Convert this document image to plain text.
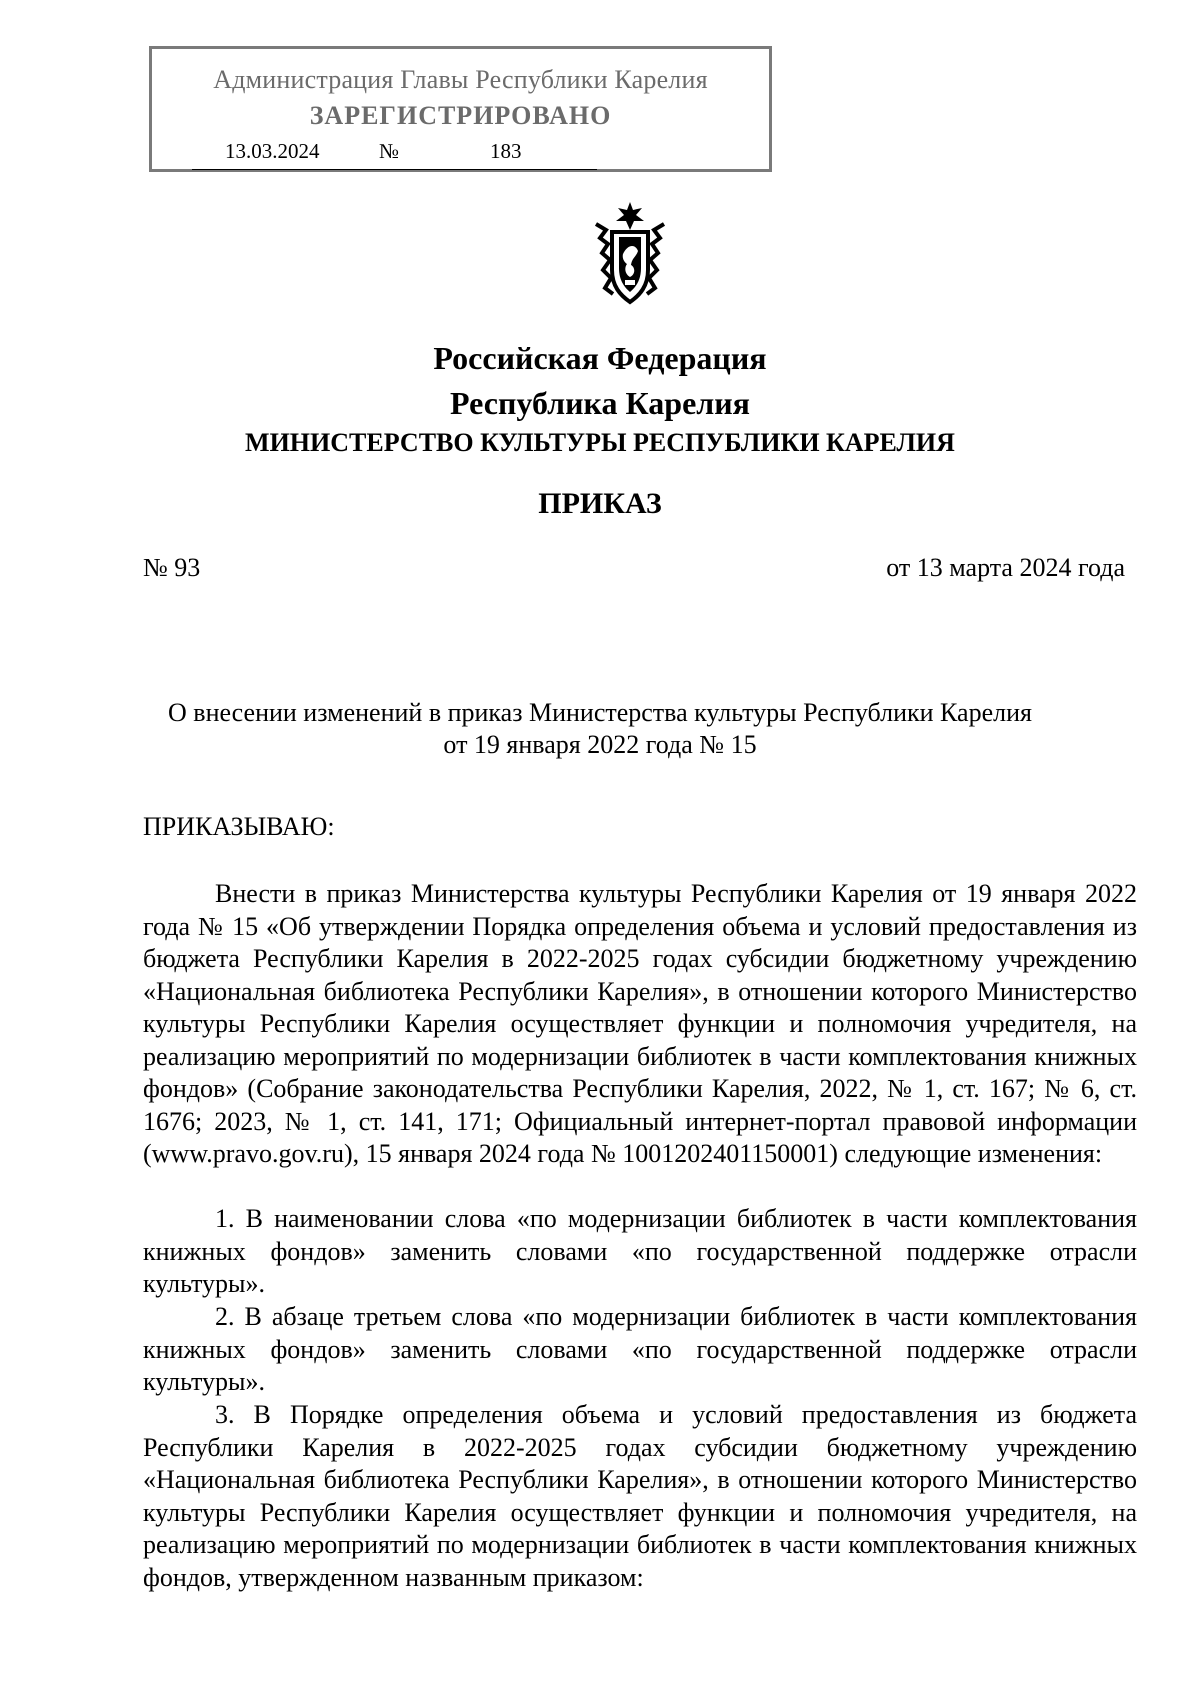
Администрация Главы Республики Карелия
ЗАРЕГИСТРИРОВАНО
13.03.2024	№	183
Российская Федерация
Республика Карелия
МИНИСТЕРСТВО КУЛЬТУРЫ РЕСПУБЛИКИ КАРЕЛИЯ
ПРИКАЗ
№ 93	от 13 марта 2024 года
О внесении изменений в приказ Министерства культуры Республики Карелия
от 19 января 2022 года № 15
ПРИКАЗЫВАЮ:

Внести в приказ Министерства культуры Республики Карелия от 19 января 2022 года № 15 «Об утверждении Порядка определения объема и условий предоставления из бюджета Республики Карелия в 2022-2025 годах субсидии бюджетному учреждению «Национальная библиотека Республики Карелия», в отношении которого Министерство культуры Республики Карелия осуществляет функции и полномочия учредителя, на реализацию мероприятий по модернизации библиотек в части комплектования книжных фондов» (Собрание законодательства Республики Карелия, 2022, № 1, ст. 167; № 6, ст. 1676; 2023, № 1, ст. 141, 171; Официальный интернет-портал правовой информации (www.pravo.gov.ru), 15 января 2024 года № 1001202401150001) следующие изменения:

1. В наименовании слова «по модернизации библиотек в части комплектования книжных фондов» заменить словами «по государственной поддержке отрасли культуры».

2. В абзаце третьем слова «по модернизации библиотек в части комплектования книжных фондов» заменить словами «по государственной поддержке отрасли культуры».

3. В Порядке определения объема и условий предоставления из бюджета Республики Карелия в 2022-2025 годах субсидии бюджетному учреждению «Национальная библиотека Республики Карелия», в отношении которого Министерство культуры Республики Карелия осуществляет функции и полномочия учредителя, на реализацию мероприятий по модернизации библиотек в части комплектования книжных фондов, утвержденном названным приказом:
